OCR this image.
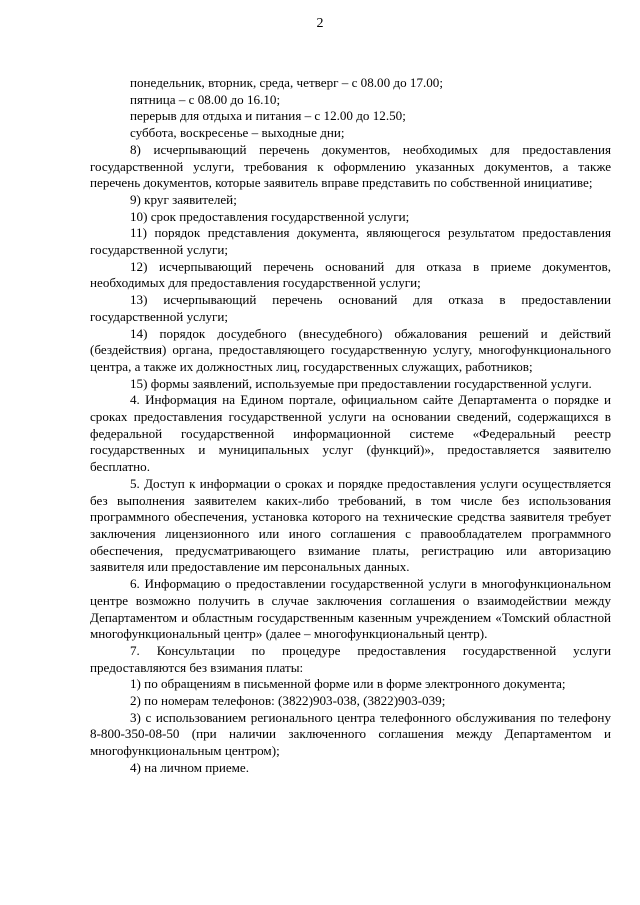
2

понедельник, вторник, среда, четверг – с 08.00 до 17.00;

пятница – с 08.00 до 16.10;

перерыв для отдыха и питания – с 12.00 до 12.50;

суббота, воскресенье – выходные дни;

8) исчерпывающий перечень документов, необходимых для предоставления государственной услуги, требования к оформлению указанных документов, а также перечень документов, которые заявитель вправе представить по собственной инициативе;

9) круг заявителей;

10) срок предоставления государственной услуги;

11) порядок представления документа, являющегося результатом предоставления государственной услуги;

12) исчерпывающий перечень оснований для отказа в приеме документов, необходимых для предоставления государственной услуги;

13) исчерпывающий перечень оснований для отказа в предоставлении государственной услуги;

14) порядок досудебного (внесудебного) обжалования решений и действий (бездействия) органа, предоставляющего государственную услугу, многофункционального центра, а также их должностных лиц, государственных служащих, работников;

15) формы заявлений, используемые при предоставлении государственной услуги.

4. Информация на Едином портале, официальном сайте Департамента о порядке и сроках предоставления государственной услуги на основании сведений, содержащихся в федеральной государственной информационной системе «Федеральный реестр государственных и муниципальных услуг (функций)», предоставляется заявителю бесплатно.

5. Доступ к информации о сроках и порядке предоставления услуги осуществляется без выполнения заявителем каких-либо требований, в том числе без использования программного обеспечения, установка которого на технические средства заявителя требует заключения лицензионного или иного соглашения с правообладателем программного обеспечения, предусматривающего взимание платы, регистрацию или авторизацию заявителя или предоставление им персональных данных.

6. Информацию о предоставлении государственной услуги в многофункциональном центре возможно получить в случае заключения соглашения о взаимодействии между Департаментом и областным государственным казенным учреждением «Томский областной многофункциональный центр» (далее – многофункциональный центр).

7. Консультации по процедуре предоставления государственной услуги предоставляются без взимания платы:

1) по обращениям в письменной форме или в форме электронного документа;

2) по номерам телефонов: (3822)903-038, (3822)903-039;

3) с использованием регионального центра телефонного обслуживания по телефону 8-800-350-08-50 (при наличии заключенного соглашения между Департаментом и многофункциональным центром);

4) на личном приеме.
